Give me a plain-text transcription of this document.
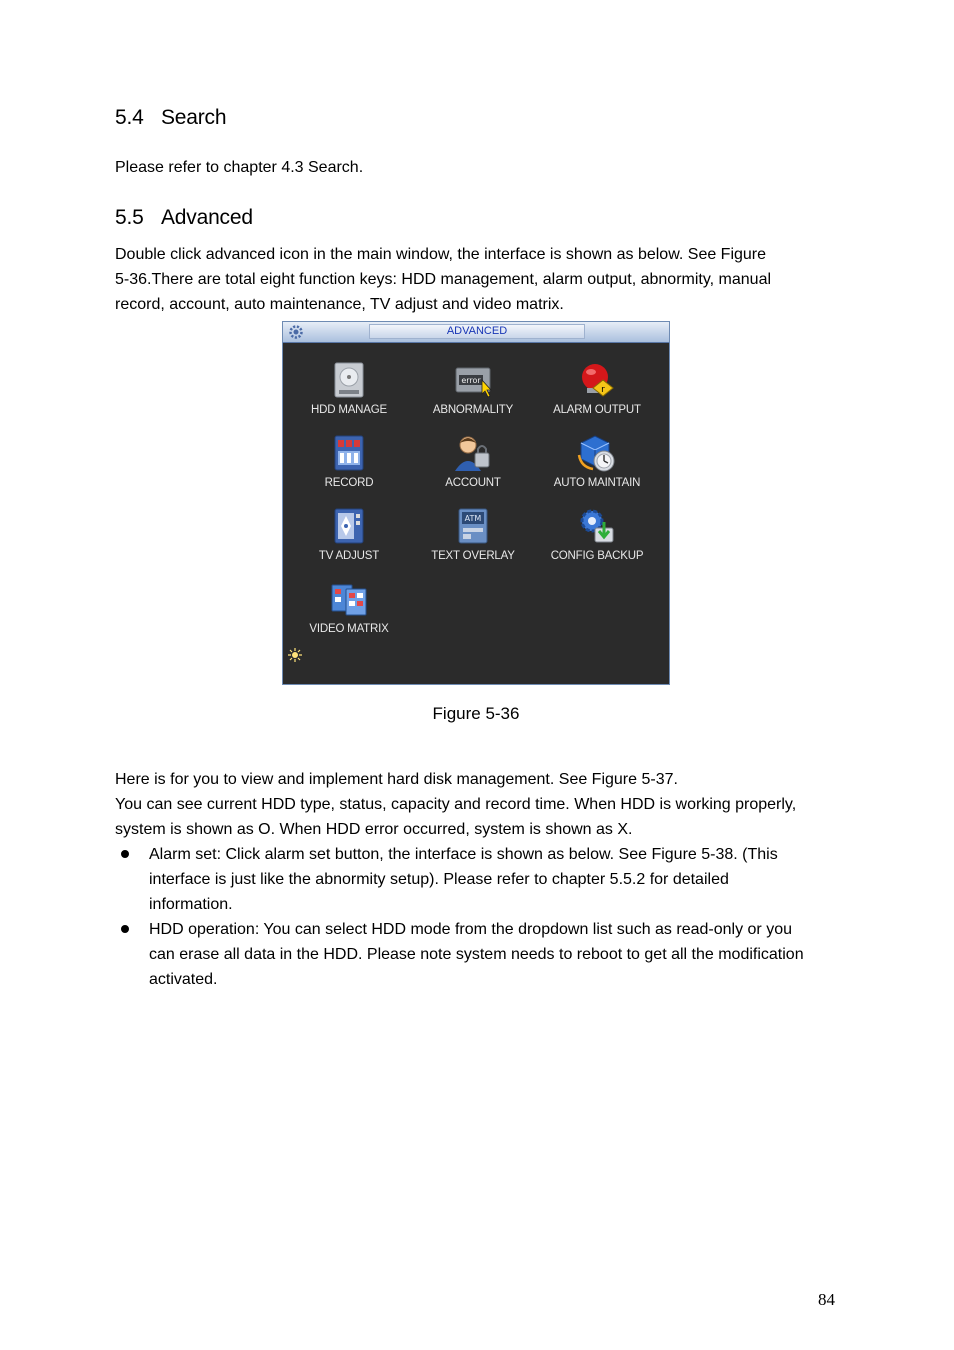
5.4 Search
Please refer to chapter 4.3 Search.
5.5 Advanced
Double click advanced icon in the main window, the interface is shown as below. See Figure
5-36.There are total eight function keys: HDD management, alarm output, abnormity, manual
record, account, auto maintenance, TV adjust and video matrix.
ADVANCED
HDD MANAGE
error
ABNORMALITY
r
ALARM OUTPUT
RECORD	ACCOUNT	AUTO MAINTAIN
TV ADJUST
ATM
TEXT OVERLAY	CONFIG BACKUP
VIDEO MATRIX
Figure 5-36
Here is for you to view and implement hard disk management. See Figure 5-37.
You can see current HDD type, status, capacity and record time. When HDD is working properly,
system is shown as O. When HDD error occurred, system is shown as X.
Alarm set: Click alarm set button, the interface is shown as below. See Figure 5-38. (This
interface is just like the abnormity setup). Please refer to chapter 5.5.2 for detailed
information.
HDD operation: You can select HDD mode from the dropdown list such as read-only or you
can erase all data in the HDD. Please note system needs to reboot to get all the modification
activated.
84
